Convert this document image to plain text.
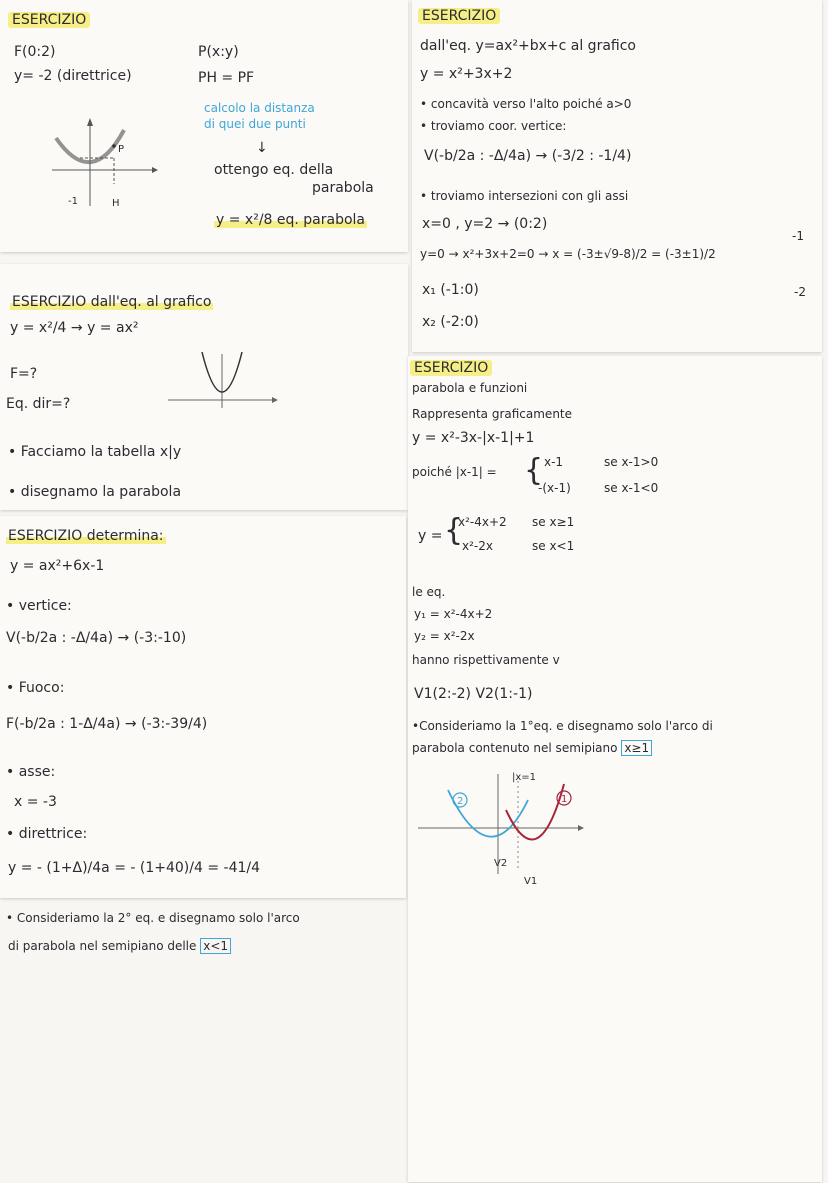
ESERCIZIO
F(0:2)
y= -2 (direttrice)
P(x:y)
PH = PF
calcolo la distanza
di quei due punti
↓
ottengo eq. della
parabola
y = x²/8 eq. parabola
P
H
-1
ESERCIZIO dall'eq. al grafico
y = x²/4 → y = ax²
F=?
Eq. dir=?
• Facciamo la tabella x|y
• disegnamo la parabola
ESERCIZIO determina:
y = ax²+6x-1
• vertice:
V(-b/2a : -Δ/4a) → (-3:-10)
• Fuoco:
F(-b/2a : 1-Δ/4a) → (-3:-39/4)
• asse:
x = -3
• direttrice:
y = - (1+Δ)/4a = - (1+40)/4 = -41/4
• Consideriamo la 2° eq. e disegnamo solo l'arco
di parabola nel semipiano delle x<1
ESERCIZIO
dall'eq. y=ax²+bx+c al grafico
y = x²+3x+2
• concavità verso l'alto poiché a>0
• troviamo coor. vertice:
V(-b/2a : -Δ/4a) → (-3/2 : -1/4)
• troviamo intersezioni con gli assi
x=0 , y=2 → (0:2)
y=0 → x²+3x+2=0 → x = (-3±√9-8)/2 = (-3±1)/2
-1
-2
x₁ (-1:0)
x₂ (-2:0)
ESERCIZIO
parabola e funzioni
Rappresenta graficamente
y = x²-3x-|x-1|+1
poiché |x-1| = { x-1	se x-1>0
-(x-1)	se x-1<0
y = {
x²-4x+2 se x≥1
x²-2x	se x<1
le eq.
y₁ = x²-4x+2
y₂ = x²-2x
hanno rispettivamente v
V1(2:-2) V2(1:-1)
•Consideriamo la 1°eq. e disegnamo solo l'arco di
parabola contenuto nel semipiano x≥1
|x=1
2	1
V2
V1
